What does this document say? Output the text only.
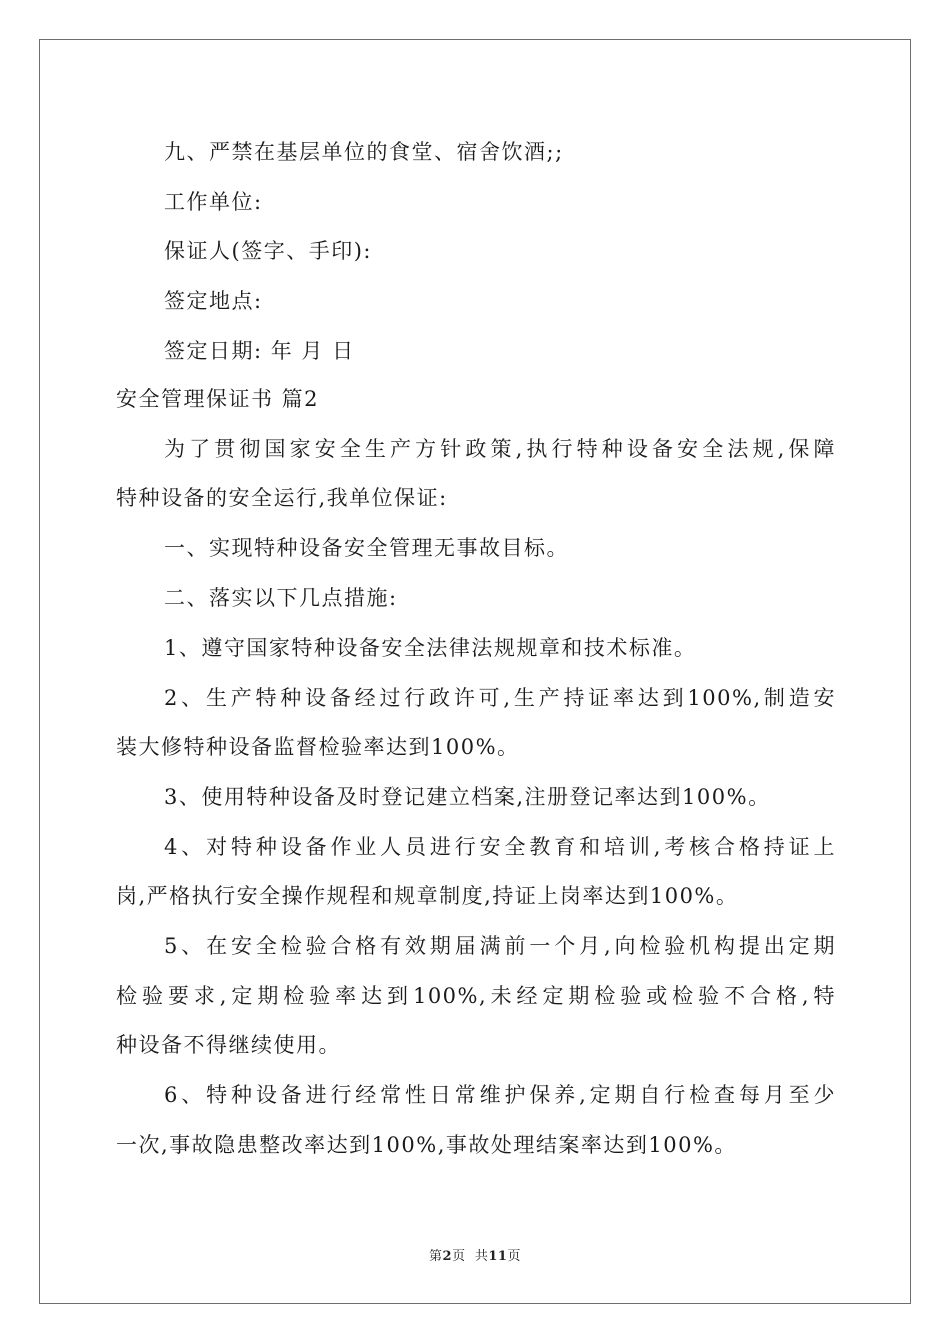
九、严禁在基层单位的食堂、宿舍饮酒;;
工作单位:
保证人(签字、手印):
签定地点:
签定日期: 年 月 日
安全管理保证书 篇2
为了贯彻国家安全生产方针政策,执行特种设备安全法规,保障
特种设备的安全运行,我单位保证:
一、实现特种设备安全管理无事故目标。
二、落实以下几点措施:
1、遵守国家特种设备安全法律法规规章和技术标准。
2、生产特种设备经过行政许可,生产持证率达到100%,制造安
装大修特种设备监督检验率达到100%。
3、使用特种设备及时登记建立档案,注册登记率达到100%。
4、对特种设备作业人员进行安全教育和培训,考核合格持证上
岗,严格执行安全操作规程和规章制度,持证上岗率达到100%。
5、在安全检验合格有效期届满前一个月,向检验机构提出定期
检验要求,定期检验率达到100%,未经定期检验或检验不合格,特
种设备不得继续使用。
6、特种设备进行经常性日常维护保养,定期自行检查每月至少
一次,事故隐患整改率达到100%,事故处理结案率达到100%。
第2页  共11页
